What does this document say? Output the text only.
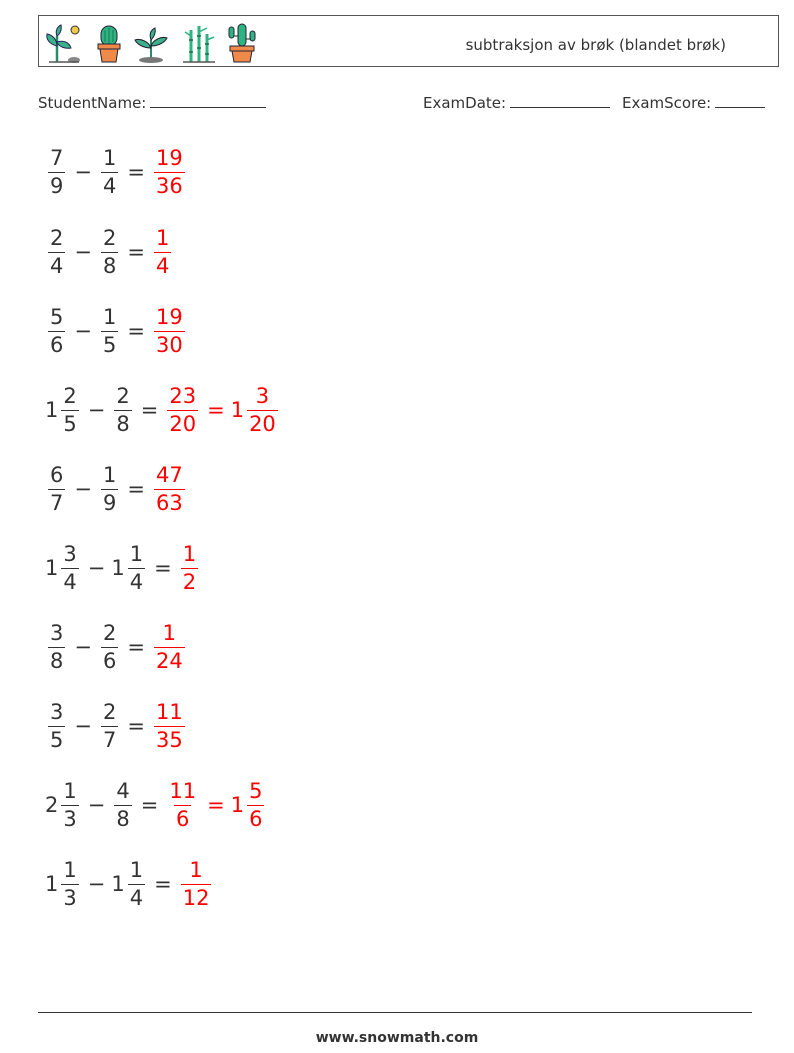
subtraksjon av brøk (blandet brøk)
StudentName:	ExamDate:	ExamScore:
$\frac{7}{9} - \frac{1}{4} = \frac{19}{36}$
$\frac{2}{4} - \frac{2}{8} = \frac{1}{4}$
$\frac{5}{6} - \frac{1}{5} = \frac{19}{30}$
$1 \frac{2}{5} - \frac{2}{8} = \frac{23}{20} = 1 \frac{3}{20}$
$\frac{6}{7} - \frac{1}{9} = \frac{47}{63}$
$1 \frac{3}{4} - 1 \frac{1}{4} = \frac{1}{2}$
$\frac{3}{8} - \frac{2}{6} = \frac{1}{24}$
$\frac{3}{5} - \frac{2}{7} = \frac{11}{35}$
$2 \frac{1}{3} - \frac{4}{8} = \frac{11}{6} = 1 \frac{5}{6}$
$1 \frac{1}{3} - 1 \frac{1}{4} = \frac{1}{12}$
www.snowmath.com
